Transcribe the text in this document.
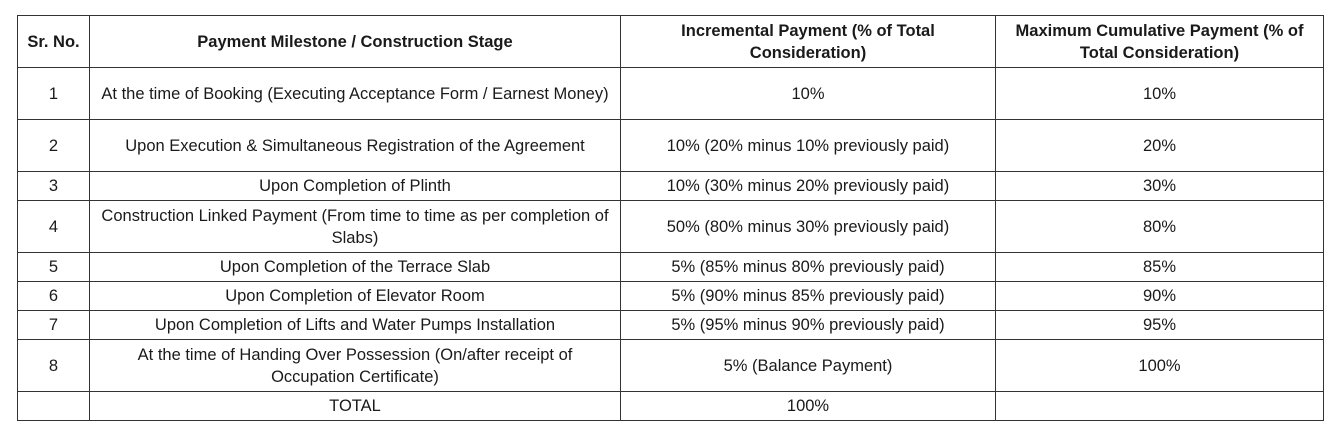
Sr. No.	Payment Milestone / Construction Stage	Incremental Payment (% of Total Consideration)	Maximum Cumulative Payment (% of Total Consideration)
1	At the time of Booking (Executing Acceptance Form / Earnest Money)	10%	10%
2	Upon Execution & Simultaneous Registration of the Agreement	10% (20% minus 10% previously paid)	20%
3	Upon Completion of Plinth	10% (30% minus 20% previously paid)	30%
4	Construction Linked Payment (From time to time as per completion of Slabs)	50% (80% minus 30% previously paid)	80%
5	Upon Completion of the Terrace Slab	5% (85% minus 80% previously paid)	85%
6	Upon Completion of Elevator Room	5% (90% minus 85% previously paid)	90%
7	Upon Completion of Lifts and Water Pumps Installation	5% (95% minus 90% previously paid)	95%
8	At the time of Handing Over Possession (On/after receipt of Occupation Certificate)	5% (Balance Payment)	100%
	TOTAL	100%	
